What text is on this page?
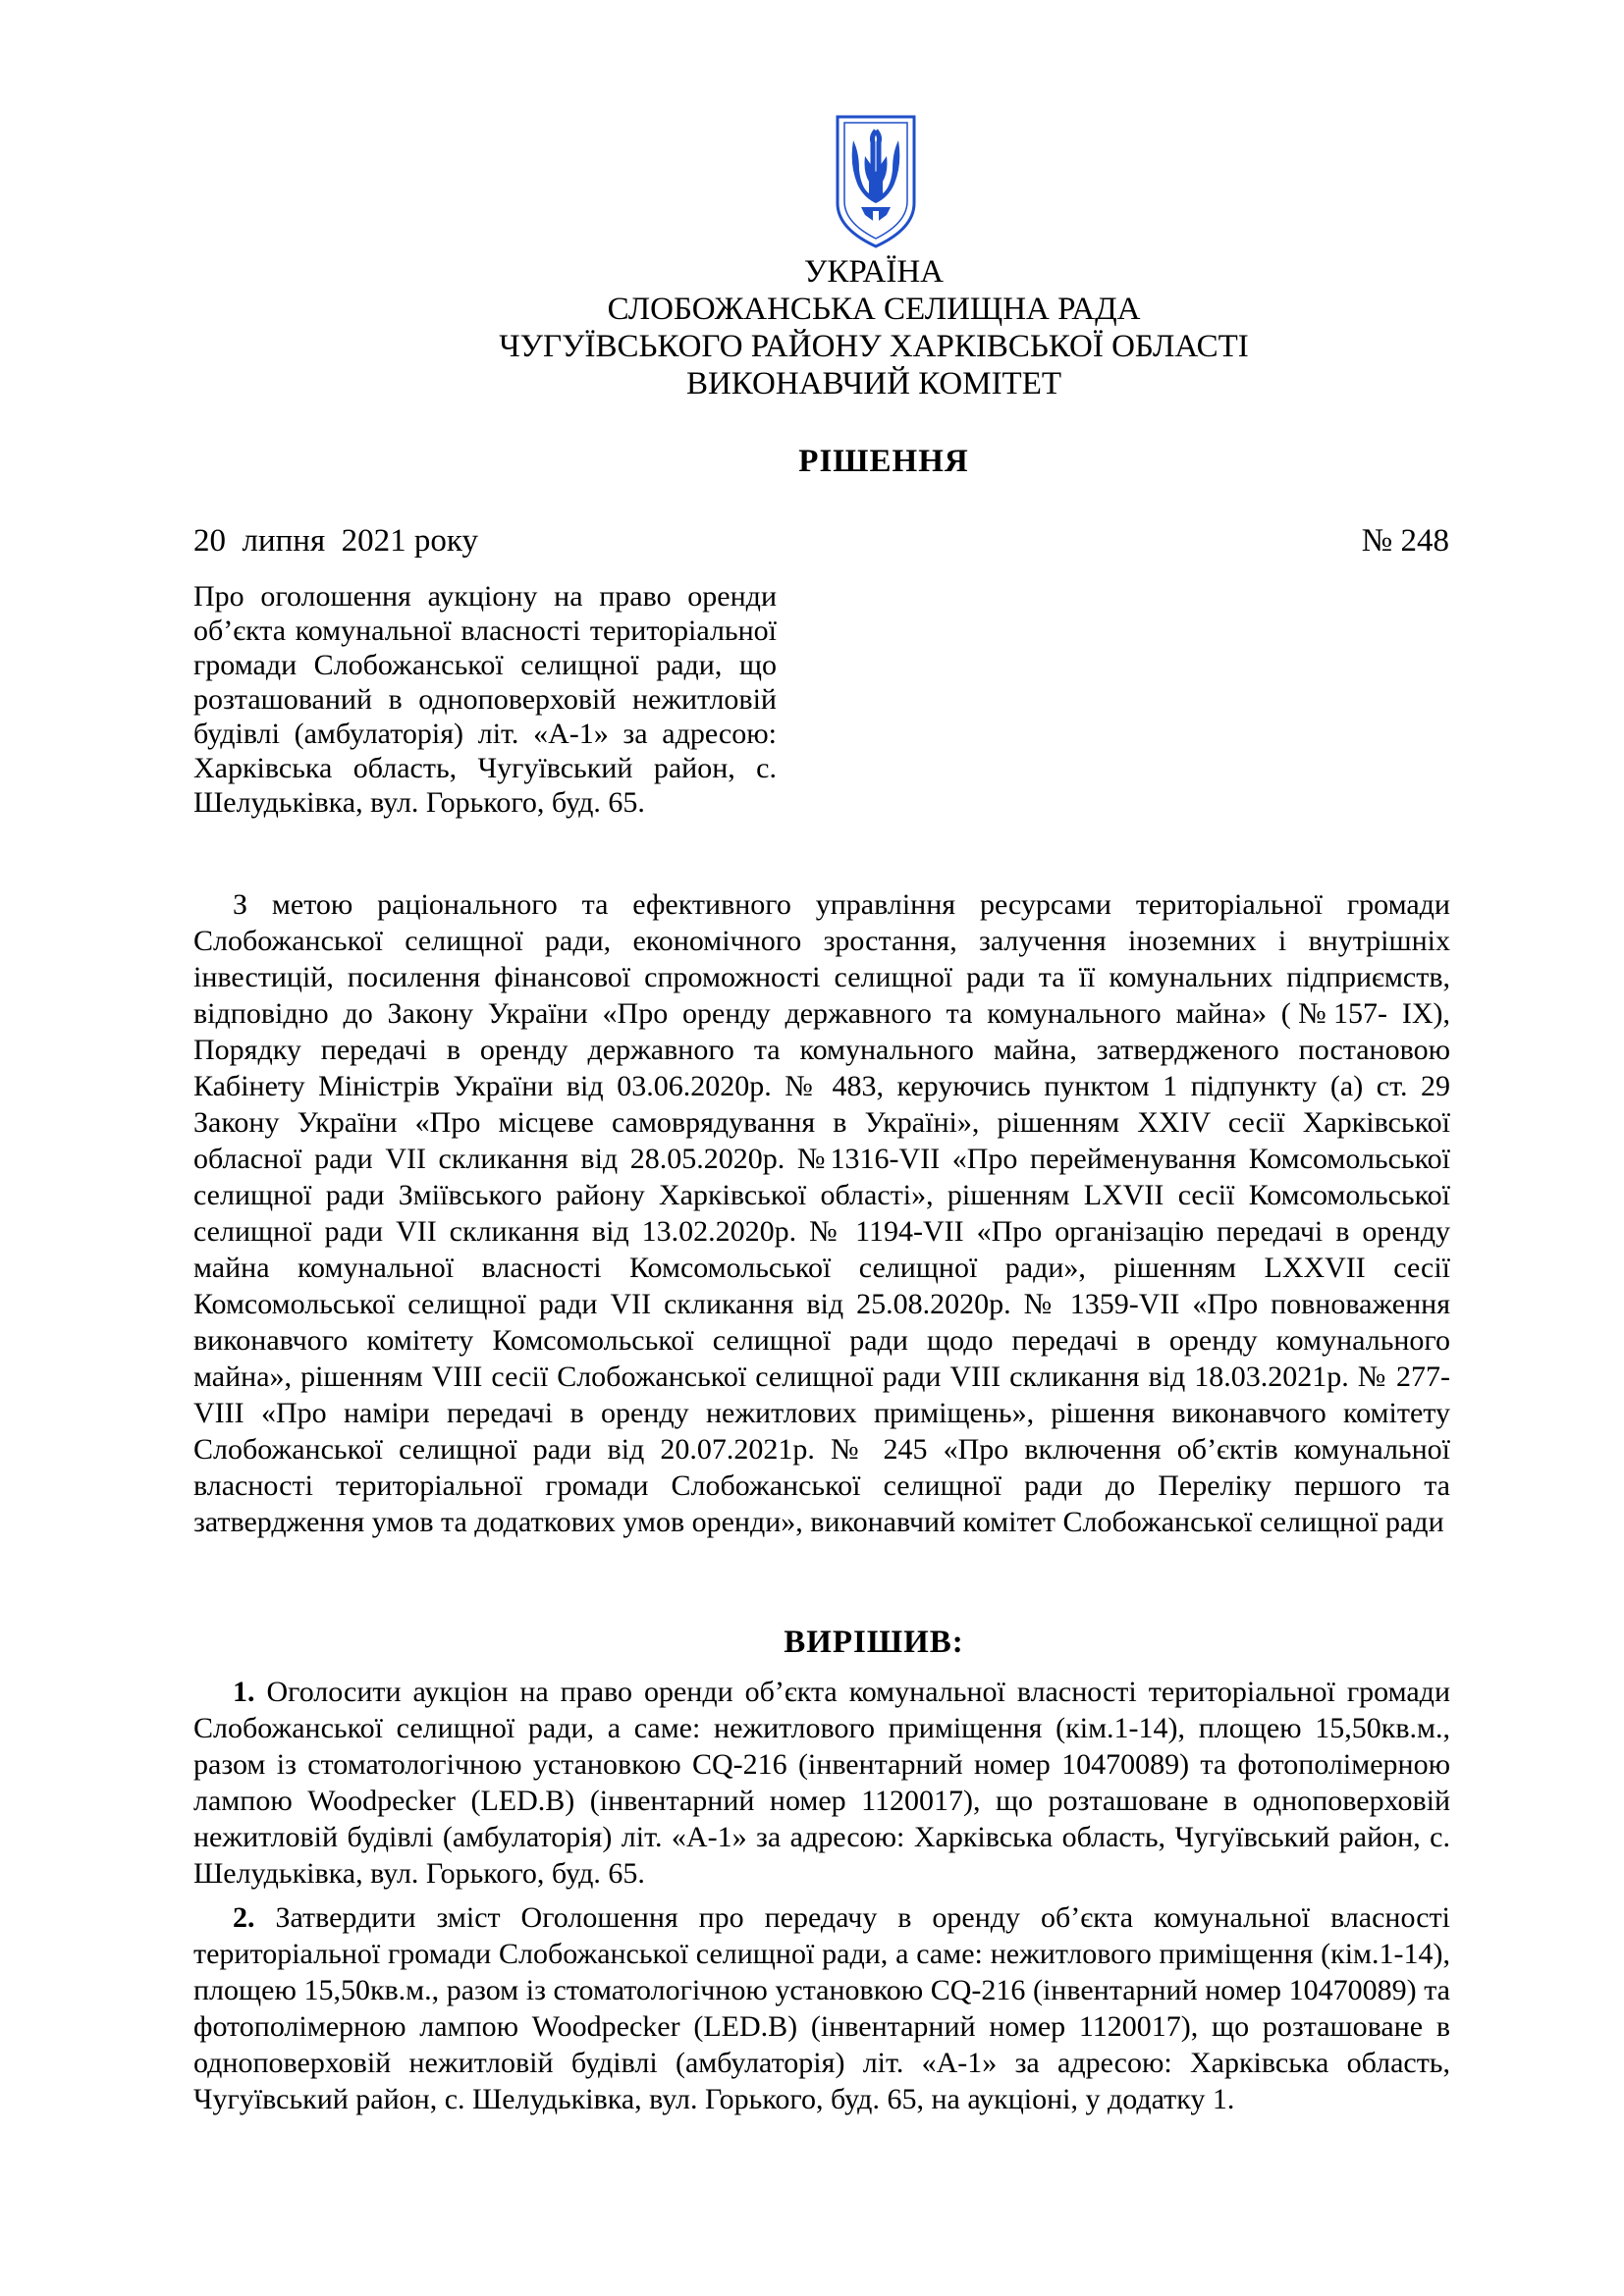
УКРАЇНА
СЛОБОЖАНСЬКА СЕЛИЩНА РАДА
ЧУГУЇВСЬКОГО РАЙОНУ ХАРКІВСЬКОЇ ОБЛАСТІ
ВИКОНАВЧИЙ КОМІТЕТ
РІШЕННЯ
20  липня  2021 року	№ 248
Про оголошення аукціону на право оренди об’єкта комунальної власності територіальної громади Слобожанської селищної ради, що розташований в одноповерховій нежитловій будівлі (амбулаторія) літ. «А-1» за адресою: Харківська область, Чугуївський район, с. Шелудьківка, вул. Горького, буд. 65.
З метою раціонального та ефективного управління ресурсами територіальної громади Слобожанської селищної ради, економічного зростання, залучення іноземних і внутрішніх інвестицій, посилення фінансової спроможності селищної ради та її комунальних підприємств, відповідно до Закону України «Про оренду державного та комунального майна» (№157- IX), Порядку передачі в оренду державного та комунального майна, затвердженого постановою Кабінету Міністрів України від 03.06.2020р. № 483, керуючись пунктом 1 підпункту (а) ст. 29 Закону України «Про місцеве самоврядування в Україні», рішенням XXIV сесії Харківської обласної ради VII скликання від 28.05.2020р. №1316-VII «Про перейменування Комсомольської селищної ради Зміївського району Харківської області», рішенням LXVII сесії Комсомольської селищної ради VII скликання від 13.02.2020р. № 1194-VII «Про організацію передачі в оренду майна комунальної власності Комсомольської селищної ради», рішенням LXXVII сесії Комсомольської селищної ради VII скликання від 25.08.2020р. № 1359-VII «Про повноваження виконавчого комітету Комсомольської селищної ради щодо передачі в оренду комунального майна», рішенням VIII сесії Слобожанської селищної ради VIII скликання від 18.03.2021р. № 277-VIII «Про наміри передачі в оренду нежитлових приміщень», рішення виконавчого комітету Слобожанської селищної ради від 20.07.2021р. № 245 «Про включення об’єктів комунальної власності територіальної громади Слобожанської селищної ради до Переліку першого та затвердження умов та додаткових умов оренди», виконавчий комітет Слобожанської селищної ради
ВИРІШИВ:
1. Оголосити аукціон на право оренди об’єкта комунальної власності територіальної громади Слобожанської селищної ради, а саме: нежитлового приміщення (кім.1-14), площею 15,50кв.м., разом із стоматологічною установкою CQ-216 (інвентарний номер 10470089) та фотополімерною лампою Woodpecker (LED.B) (інвентарний номер 1120017), що розташоване в одноповерховій нежитловій будівлі (амбулаторія) літ. «А-1» за адресою: Харківська область, Чугуївський район, с. Шелудьківка, вул. Горького, буд. 65.
2. Затвердити зміст Оголошення про передачу в оренду об’єкта комунальної власності територіальної громади Слобожанської селищної ради, а саме: нежитлового приміщення (кім.1-14), площею 15,50кв.м., разом із стоматологічною установкою CQ-216 (інвентарний номер 10470089) та фотополімерною лампою Woodpecker (LED.B) (інвентарний номер 1120017), що розташоване в одноповерховій нежитловій будівлі (амбулаторія) літ. «А-1» за адресою: Харківська область, Чугуївський район, с. Шелудьківка, вул. Горького, буд. 65, на аукціоні, у додатку 1.
